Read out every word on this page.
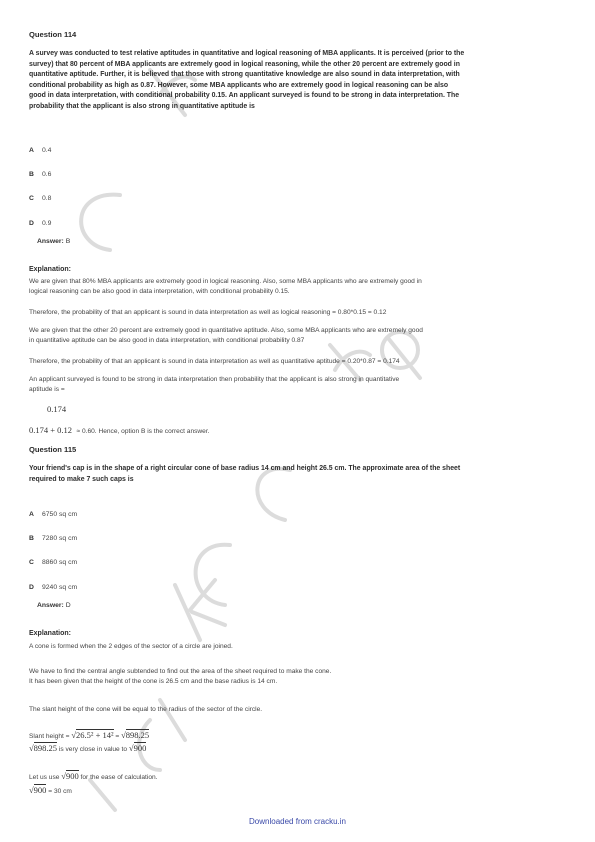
Question 114
A survey was conducted to test relative aptitudes in quantitative and logical reasoning of MBA applicants. It is perceived (prior to the
survey) that 80 percent of MBA applicants are extremely good in logical reasoning, while the other 20 percent are extremely good in
quantitative aptitude. Further, it is believed that those with strong quantitative knowledge are also sound in data interpretation, with
conditional probability as high as 0.87. However, some MBA applicants who are extremely good in logical reasoning can be also
good in data interpretation, with conditional probability 0.15. An applicant surveyed is found to be strong in data interpretation. The
probability that the applicant is also strong in quantitative aptitude is
A 0.4
B 0.6
C 0.8
D 0.9
Answer: B
Explanation:
We are given that 80% MBA applicants are extremely good in logical reasoning. Also, some MBA applicants who are extremely good in
logical reasoning can be also good in data interpretation, with conditional probability 0.15.
Therefore, the probability of that an applicant is sound in data interpretation as well as logical reasoning = 0.80*0.15 = 0.12
We are given that the other 20 percent are extremely good in quantitative aptitude. Also, some MBA applicants who are extremely good
in quantitative aptitude can be also good in data interpretation, with conditional probability 0.87
Therefore, the probability of that an applicant is sound in data interpretation as well as quantitative aptitude = 0.20*0.87 = 0.174
An applicant surveyed is found to be strong in data interpretation then probability that the applicant is also strong in quantitative
aptitude is =
0.174
0.174 + 0.12 ≈ 0.60. Hence, option B is the correct answer.
Question 115
Your friend's cap is in the shape of a right circular cone of base radius 14 cm and height 26.5 cm. The approximate area of the sheet
required to make 7 such caps is
A 6750 sq cm
B 7280 sq cm
C 8860 sq cm
D 9240 sq cm
Answer: D
Explanation:
A cone is formed when the 2 edges of the sector of a circle are joined.
We have to find the central angle subtended to find out the area of the sheet required to make the cone.
It has been given that the height of the cone is 26.5 cm and the base radius is 14 cm.
The slant height of the cone will be equal to the radius of the sector of the circle.
Slant height = √26.5² + 14² = √898.25
√898.25 is very close in value to √900
Let us use √900 for the ease of calculation.
√900 = 30 cm
Downloaded from cracku.in
